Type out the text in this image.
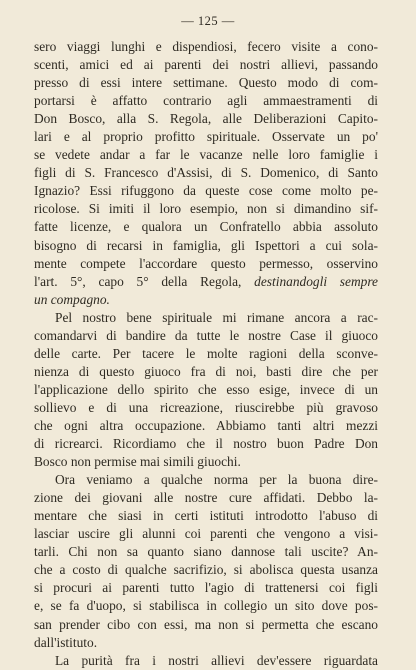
— 125 —
sero viaggi lunghi e dispendiosi, fecero visite a cono-
scenti, amici ed ai parenti dei nostri allievi, passando
presso di essi intere settimane. Questo modo di com-
portarsi è affatto contrario agli ammaestramenti di
Don Bosco, alla S. Regola, alle Deliberazioni Capito-
lari e al proprio profitto spirituale. Osservate un po'
se vedete andar a far le vacanze nelle loro famiglie i
figli di S. Francesco d'Assisi, di S. Domenico, di Santo
Ignazio? Essi rifuggono da queste cose come molto pe-
ricolose. Si imiti il loro esempio, non si dimandino sif-
fatte licenze, e qualora un Confratello abbia assoluto
bisogno di recarsi in famiglia, gli Ispettori a cui sola-
mente compete l'accordare questo permesso, osservino
l'art. 5°, capo 5° della Regola, destinandogli sempre
un compagno.
Pel nostro bene spirituale mi rimane ancora a rac-
comandarvi di bandire da tutte le nostre Case il giuoco
delle carte. Per tacere le molte ragioni della sconve-
nienza di questo giuoco fra di noi, basti dire che per
l'applicazione dello spirito che esso esige, invece di un
sollievo e di una ricreazione, riuscirebbe più gravoso
che ogni altra occupazione. Abbiamo tanti altri mezzi
di ricrearci. Ricordiamo che il nostro buon Padre Don
Bosco non permise mai simili giuochi.
Ora veniamo a qualche norma per la buona dire-
zione dei giovani alle nostre cure affidati. Debbo la-
mentare che siasi in certi istituti introdotto l'abuso di
lasciar uscire gli alunni coi parenti che vengono a visi-
tarli. Chi non sa quanto siano dannose tali uscite? An-
che a costo di qualche sacrifizio, si abolisca questa usanza
si procuri ai parenti tutto l'agio di trattenersi coi figli
e, se fa d'uopo, si stabilisca in collegio un sito dove pos-
san prender cibo con essi, ma non si permetta che escano
dall'istituto.
La purità fra i nostri allievi dev'essere riguardata
